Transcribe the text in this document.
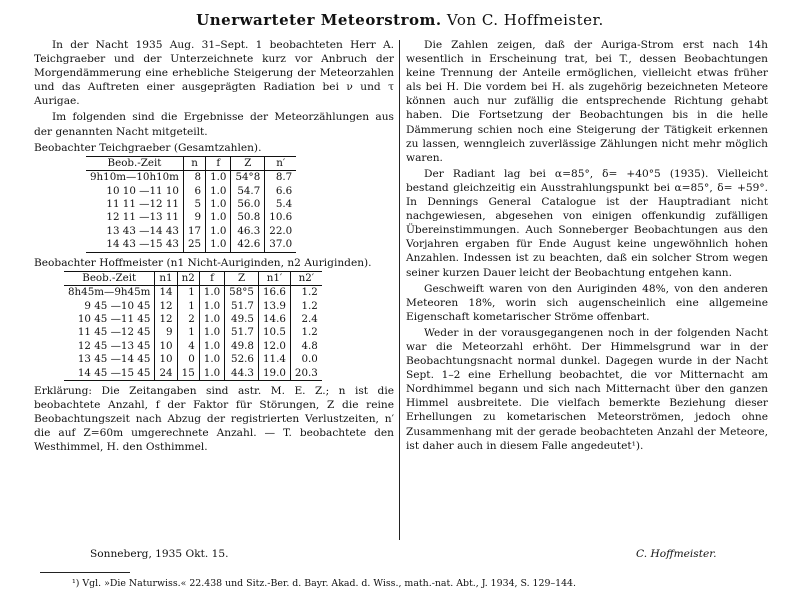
Unerwarteter Meteorstrom. Von C. Hoffmeister.

In der Nacht 1935 Aug. 31–Sept. 1 beobachteten Herr A. Teichgraeber und der Unterzeichnete kurz vor Anbruch der Morgendämmerung eine erhebliche Steigerung der Meteorzahlen und das Auftreten einer ausgeprägten Radiation bei ν und τ Aurigae.

Im folgenden sind die Ergebnisse der Meteorzählungen aus der genannten Nacht mitgeteilt.

Beobachter Teichgraeber (Gesamtzahlen).
Beob.-Zeit	n	f	Z	n′
9h10m—10h10m	8	1.0	54°8	8.7
10 10 —11 10	6	1.0	54.7	6.6
11 11 —12 11	5	1.0	56.0	5.4
12 11 —13 11	9	1.0	50.8	10.6
13 43 —14 43	17	1.0	46.3	22.0
14 43 —15 43	25	1.0	42.6	37.0
Beobachter Hoffmeister (n1 Nicht-Auriginden, n2 Auriginden).
Beob.-Zeit	n1	n2	f	Z	n1′	n2′
8h45m—9h45m	14	1	1.0	58°5	16.6	1.2
9 45 —10 45	12	1	1.0	51.7	13.9	1.2
10 45 —11 45	12	2	1.0	49.5	14.6	2.4
11 45 —12 45	9	1	1.0	51.7	10.5	1.2
12 45 —13 45	10	4	1.0	49.8	12.0	4.8
13 45 —14 45	10	0	1.0	52.6	11.4	0.0
14 45 —15 45	24	15	1.0	44.3	19.0	20.3

Erklärung: Die Zeitangaben sind astr. M. E. Z.; n ist die beobachtete Anzahl, f der Faktor für Störungen, Z die reine Beobachtungszeit nach Abzug der registrierten Verlustzeiten, n′ die auf Z=60m umgerechnete Anzahl. — T. beobachtete den Westhimmel, H. den Osthimmel.

Die Zahlen zeigen, daß der Auriga-Strom erst nach 14h wesentlich in Erscheinung trat, bei T., dessen Beobachtungen keine Trennung der Anteile ermöglichen, vielleicht etwas früher als bei H. Die vordem bei H. als zugehörig bezeichneten Meteore können auch nur zufällig die entsprechende Richtung gehabt haben. Die Fortsetzung der Beobachtungen bis in die helle Dämmerung schien noch eine Steigerung der Tätigkeit erkennen zu lassen, wenngleich zuverlässige Zählungen nicht mehr möglich waren.

Der Radiant lag bei α=85°, δ= +40°5 (1935). Vielleicht bestand gleichzeitig ein Ausstrahlungspunkt bei α=85°, δ= +59°. In Dennings General Catalogue ist der Hauptradiant nicht nachgewiesen, abgesehen von einigen offenkundig zufälligen Übereinstimmungen. Auch Sonneberger Beobachtungen aus den Vorjahren ergaben für Ende August keine ungewöhnlich hohen Anzahlen. Indessen ist zu beachten, daß ein solcher Strom wegen seiner kurzen Dauer leicht der Beobachtung entgehen kann.

Geschweift waren von den Auriginden 48%, von den anderen Meteoren 18%, worin sich augenscheinlich eine allgemeine Eigenschaft kometarischer Ströme offenbart.

Weder in der vorausgegangenen noch in der folgenden Nacht war die Meteorzahl erhöht. Der Himmelsgrund war in der Beobachtungsnacht normal dunkel. Dagegen wurde in der Nacht Sept. 1–2 eine Erhellung beobachtet, die vor Mitternacht am Nordhimmel begann und sich nach Mitternacht über den ganzen Himmel ausbreitete. Die vielfach bemerkte Beziehung dieser Erhellungen zu kometarischen Meteorströmen, jedoch ohne Zusammenhang mit der gerade beobachteten Anzahl der Meteore, ist daher auch in diesem Falle angedeutet¹).

Sonneberg, 1935 Okt. 15.	C. Hoffmeister.
¹) Vgl. »Die Naturwiss.« 22.438 und Sitz.-Ber. d. Bayr. Akad. d. Wiss., math.-nat. Abt., J. 1934, S. 129–144.
